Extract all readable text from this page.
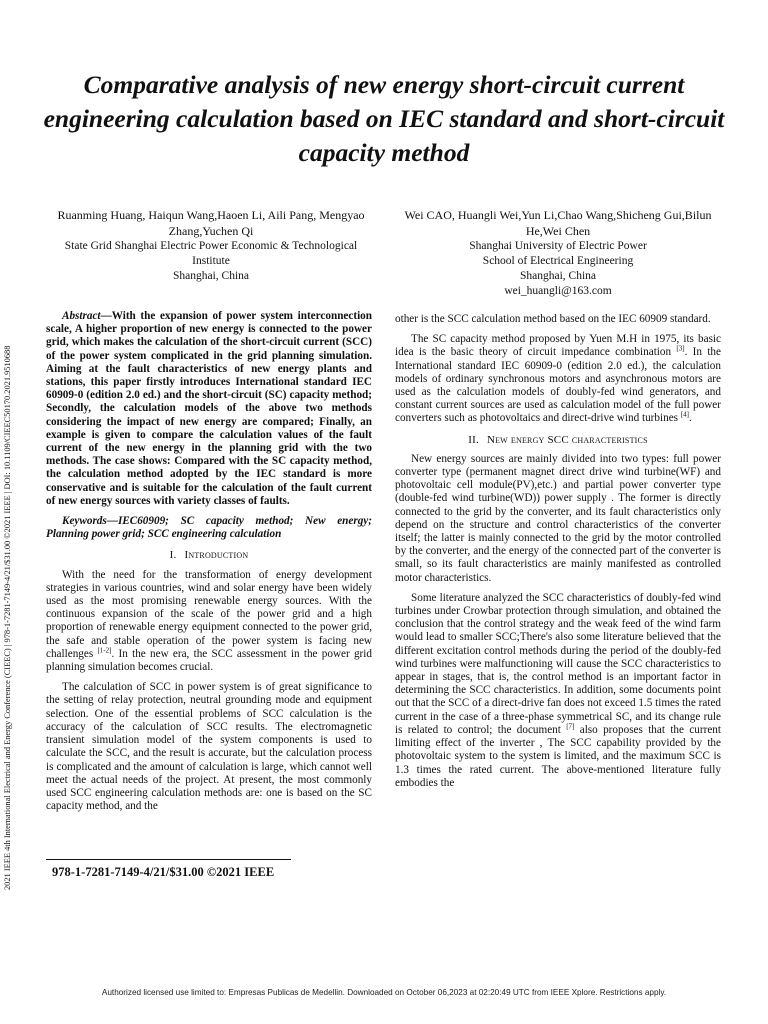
Comparative analysis of new energy short-circuit current engineering calculation based on IEC standard and short-circuit capacity method
2021 IEEE 4th International Electrical and Energy Conference (CIEEC) | 978-1-7281-7149-4/21/$31.00 ©2021 IEEE | DOI: 10.1109/CIEEC50170.2021.9510688
Ruanming Huang, Haiqun Wang,Haoen Li, Aili Pang, Mengyao Zhang,Yuchen Qi
State Grid Shanghai Electric Power Economic & Technological Institute
Shanghai, China
Wei CAO, Huangli Wei,Yun Li,Chao Wang,Shicheng Gui,Bilun He,Wei Chen
Shanghai University of Electric Power
School of Electrical Engineering
Shanghai, China
wei_huangli@163.com

Abstract—With the expansion of power system interconnection scale, A higher proportion of new energy is connected to the power grid, which makes the calculation of the short-circuit current (SCC) of the power system complicated in the grid planning simulation. Aiming at the fault characteristics of new energy plants and stations, this paper firstly introduces International standard IEC 60909-0 (edition 2.0 ed.) and the short-circuit (SC) capacity method; Secondly, the calculation models of the above two methods considering the impact of new energy are compared; Finally, an example is given to compare the calculation values of the fault current of the new energy in the planning grid with the two methods. The case shows: Compared with the SC capacity method, the calculation method adopted by the IEC standard is more conservative and is suitable for the calculation of the fault current of new energy sources with variety classes of faults.

Keywords—IEC60909; SC capacity method; New energy; Planning power grid; SCC engineering calculation

I. Introduction

With the need for the transformation of energy development strategies in various countries, wind and solar energy have been widely used as the most promising renewable energy sources. With the continuous expansion of the scale of the power grid and a high proportion of renewable energy equipment connected to the power grid, the safe and stable operation of the power system is facing new challenges [1-2]. In the new era, the SCC assessment in the power grid planning simulation becomes crucial.

The calculation of SCC in power system is of great significance to the setting of relay protection, neutral grounding mode and equipment selection. One of the essential problems of SCC calculation is the accuracy of the calculation of SCC results. The electromagnetic transient simulation model of the system components is used to calculate the SCC, and the result is accurate, but the calculation process is complicated and the amount of calculation is large, which cannot well meet the actual needs of the project. At present, the most commonly used SCC engineering calculation methods are: one is based on the SC capacity method, and the

other is the SCC calculation method based on the IEC 60909 standard.

The SC capacity method proposed by Yuen M.H in 1975, its basic idea is the basic theory of circuit impedance combination [3]. In the International standard IEC 60909-0 (edition 2.0 ed.), the calculation models of ordinary synchronous motors and asynchronous motors are used as the calculation models of doubly-fed wind generators, and constant current sources are used as calculation model of the full power converters such as photovoltaics and direct-drive wind turbines [4].

II. New energy SCC characteristics

New energy sources are mainly divided into two types: full power converter type (permanent magnet direct drive wind turbine(WF) and photovoltaic cell module(PV),etc.) and partial power converter type (double-fed wind turbine(WD)) power supply . The former is directly connected to the grid by the converter, and its fault characteristics only depend on the structure and control characteristics of the converter itself; the latter is mainly connected to the grid by the motor controlled by the converter, and the energy of the connected part of the converter is small, so its fault characteristics are mainly manifested as controlled motor characteristics.

Some literature analyzed the SCC characteristics of doubly-fed wind turbines under Crowbar protection through simulation, and obtained the conclusion that the control strategy and the weak feed of the wind farm would lead to smaller SCC;There's also some literature believed that the different excitation control methods during the period of the doubly-fed wind turbines were malfunctioning will cause the SCC characteristics to appear in stages, that is, the control method is an important factor in determining the SCC characteristics. In addition, some documents point out that the SCC of a direct-drive fan does not exceed 1.5 times the rated current in the case of a three-phase symmetrical SC, and its change rule is related to control; the document [7] also proposes that the current limiting effect of the inverter , The SCC capability provided by the photovoltaic system to the system is limited, and the maximum SCC is 1.3 times the rated current. The above-mentioned literature fully embodies the

978-1-7281-7149-4/21/$31.00 ©2021 IEEE
Authorized licensed use limited to: Empresas Publicas de Medellin. Downloaded on October 06,2023 at 02:20:49 UTC from IEEE Xplore. Restrictions apply.
